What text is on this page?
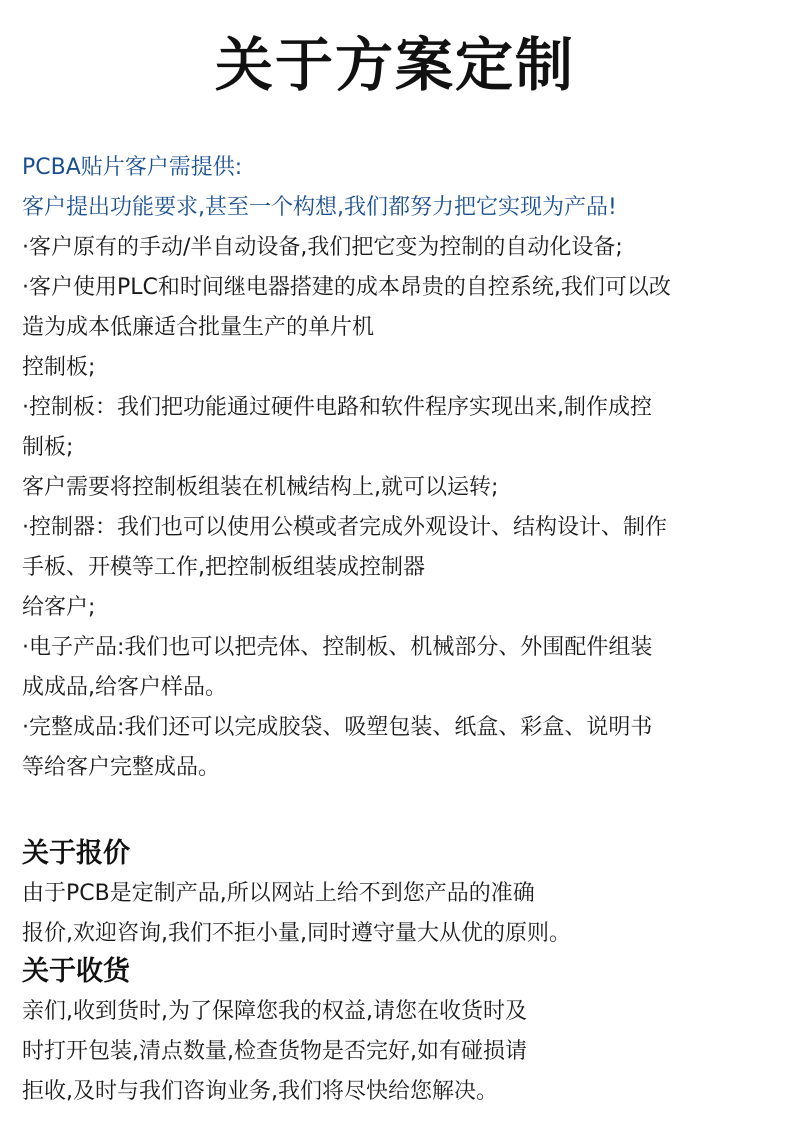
关于方案定制
PCBA贴片客户需提供:
客户提出功能要求,甚至一个构想,我们都努力把它实现为产品!
·客户原有的手动/半自动设备,我们把它变为控制的自动化设备;
·客户使用PLC和时间继电器搭建的成本昂贵的自控系统,我们可以改
造为成本低廉适合批量生产的单片机
控制板;
·控制板：我们把功能通过硬件电路和软件程序实现出来,制作成控
制板;
客户需要将控制板组装在机械结构上,就可以运转;
·控制器：我们也可以使用公模或者完成外观设计、结构设计、制作
手板、开模等工作,把控制板组装成控制器
给客户;
·电子产品:我们也可以把壳体、控制板、机械部分、外围配件组装
成成品,给客户样品。
·完整成品:我们还可以完成胶袋、吸塑包装、纸盒、彩盒、说明书
等给客户完整成品。
关于报价
由于PCB是定制产品,所以网站上给不到您产品的准确
报价,欢迎咨询,我们不拒小量,同时遵守量大从优的原则。
关于收货
亲们,收到货时,为了保障您我的权益,请您在收货时及
时打开包装,清点数量,检查货物是否完好,如有碰损请
拒收,及时与我们咨询业务,我们将尽快给您解决。
